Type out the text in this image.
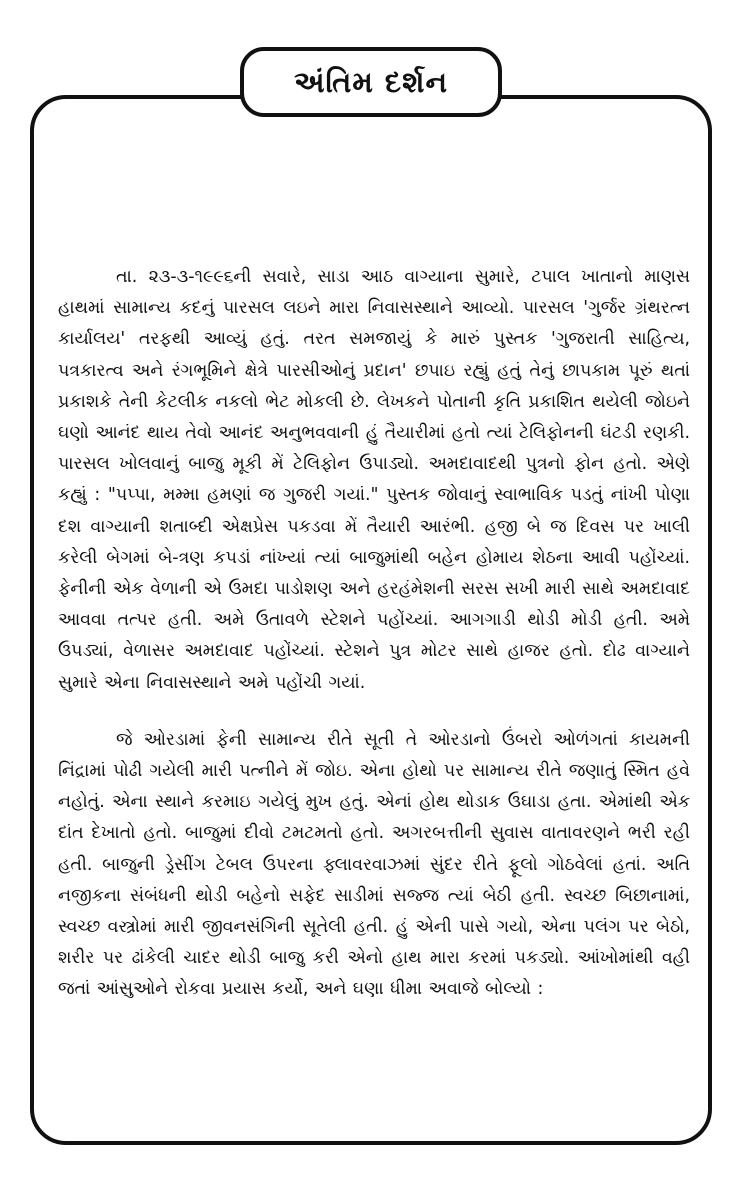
અંતિમ દર્શન

તા. ૨૩-૩-૧૯૯૬ની સવારે, સાડા આઠ વાગ્યાના સુમારે, ટપાલ ખાતાનો માણસ હાથમાં સામાન્ય કદનું પારસલ લઇને મારા નિવાસસ્થાને આવ્યો. પારસલ 'ગુર્જર ગ્રંથરત્ન કાર્યાલય' તરફથી આવ્યું હતું. તરત સમજાયું કે મારું પુસ્તક 'ગુજરાતી સાહિત્ય, પત્રકારત્વ અને રંગભૂમિને ક્ષેત્રે પારસીઓનું પ્રદાન' છપાઇ રહ્યું હતું તેનું છાપકામ પૂરું થતાં પ્રકાશકે તેની કેટલીક નકલો ભેટ મોકલી છે. લેખકને પોતાની કૃતિ પ્રકાશિત થયેલી જોઇને ઘણો આનંદ થાય તેવો આનંદ અનુભવવાની હું તૈયારીમાં હતો ત્યાં ટેલિફોનની ઘંટડી રણકી. પારસલ ખોલવાનું બાજુ મૂકી મેં ટેલિફોન ઉપાડ્યો. અમદાવાદથી પુત્રનો ફોન હતો. એણે કહ્યું : "પપ્પા, મમ્મા હમણાં જ ગુજરી ગયાં." પુસ્તક જોવાનું સ્વાભાવિક પડતું નાંખી પોણા દશ વાગ્યાની શતાબ્દી એક્ષપ્રેસ પકડવા મેં તૈયારી આરંભી. હજી બે જ દિવસ પર ખાલી કરેલી બેગમાં બે-ત્રણ કપડાં નાંખ્યાં ત્યાં બાજુમાંથી બહેન હોમાય શેઠના આવી પહોંચ્યાં. ફેનીની એક વેળાની એ ઉમદા પાડોશણ અને હરહંમેશની સરસ સખી મારી સાથે અમદાવાદ આવવા તત્પર હતી. અમે ઉતાવળે સ્ટેશને પહોંચ્યાં. આગગાડી થોડી મોડી હતી. અમે ઉપડ્યાં, વેળાસર અમદાવાદ પહોંચ્યાં. સ્ટેશને પુત્ર મોટર સાથે હાજર હતો. દોઢ વાગ્યાને સુમારે એના નિવાસસ્થાને અમે પહોંચી ગયાં.

જે ઓરડામાં ફેની સામાન્ય રીતે સૂતી તે ઓરડાનો ઉંબરો ઓળંગતાં કાયમની નિંદ્રામાં પોઢી ગયેલી મારી પત્નીને મેં જોઇ. એના હોથો પર સામાન્ય રીતે જણાતું સ્મિત હવે નહોતું. એના સ્થાને કરમાઇ ગયેલું મુખ હતું. એનાં હોથ થોડાક ઉઘાડા હતા. એમાંથી એક દાંત દેખાતો હતો. બાજુમાં દીવો ટમટમતો હતો. અગરબત્તીની સુવાસ વાતાવરણને ભરી રહી હતી. બાજુની ડ્રેસીંગ ટેબલ ઉપરના ફ્લાવરવાઝમાં સુંદર રીતે ફૂલો ગોઠવેલાં હતાં. અતિ નજીકના સંબંધની થોડી બહેનો સફેદ સાડીમાં સજ્જ ત્યાં બેઠી હતી. સ્વચ્છ બિછાનામાં, સ્વચ્છ વસ્ત્રોમાં મારી જીવનસંગિની સૂતેલી હતી. હું એની પાસે ગયો, એના પલંગ પર બેઠો, શરીર પર ઢાંકેલી ચાદર થોડી બાજુ કરી એનો હાથ મારા કરમાં પકડ્યો. આંખોમાંથી વહી જતાં આંસુઓને રોકવા પ્રયાસ કર્યો, અને ઘણા ધીમા અવાજે બોલ્યો :
